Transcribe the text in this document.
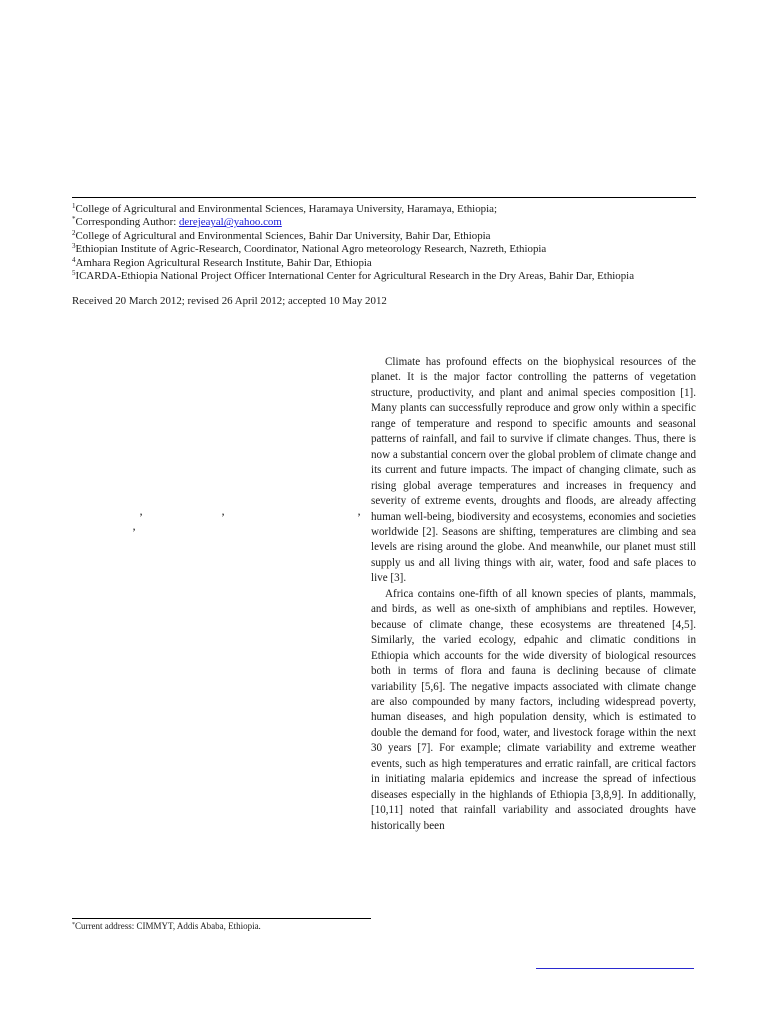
$^1$College of Agricultural and Environmental Sciences, Haramaya University, Haramaya, Ethiopia;
*Corresponding Author: derejeayal@yahoo.com
$^2$College of Agricultural and Environmental Sciences, Bahir Dar University, Bahir Dar, Ethiopia
$^3$Ethiopian Institute of Agric-Research, Coordinator, National Agro meteorology Research, Nazreth, Ethiopia
$^4$Amhara Region Agricultural Research Institute, Bahir Dar, Ethiopia
$^5$ICARDA-Ethiopia National Project Officer International Center for Agricultural Research in the Dry Areas, Bahir Dar, Ethiopia
Received 20 March 2012; revised 26 April 2012; accepted 10 May 2012
’	’	’
’

Climate has profound effects on the biophysical resources of the planet. It is the major factor controlling the patterns of vegetation structure, productivity, and plant and animal species composition [1]. Many plants can successfully reproduce and grow only within a specific range of temperature and respond to specific amounts and seasonal patterns of rainfall, and fail to survive if climate changes. Thus, there is now a substantial concern over the global problem of climate change and its current and future impacts. The impact of changing climate, such as rising global average temperatures and increases in frequency and severity of extreme events, droughts and floods, are already affecting human well-being, biodiversity and ecosystems, economies and societies worldwide [2]. Seasons are shifting, temperatures are climbing and sea levels are rising around the globe. And meanwhile, our planet must still supply us and all living things with air, water, food and safe places to live [3].

Africa contains one-fifth of all known species of plants, mammals, and birds, as well as one-sixth of amphibians and reptiles. However, because of climate change, these ecosystems are threatened [4,5]. Similarly, the varied ecology, edpahic and climatic conditions in Ethiopia which accounts for the wide diversity of biological resources both in terms of flora and fauna is declining because of climate variability [5,6]. The negative impacts associated with climate change are also compounded by many factors, including widespread poverty, human diseases, and high population density, which is estimated to double the demand for food, water, and livestock forage within the next 30 years [7]. For example; climate variability and extreme weather events, such as high temperatures and erratic rainfall, are critical factors in initiating malaria epidemics and increase the spread of infectious diseases especially in the highlands of Ethiopia [3,8,9]. In additionally, [10,11] noted that rainfall variability and associated droughts have historically been

*Current address: CIMMYT, Addis Ababa, Ethiopia.
